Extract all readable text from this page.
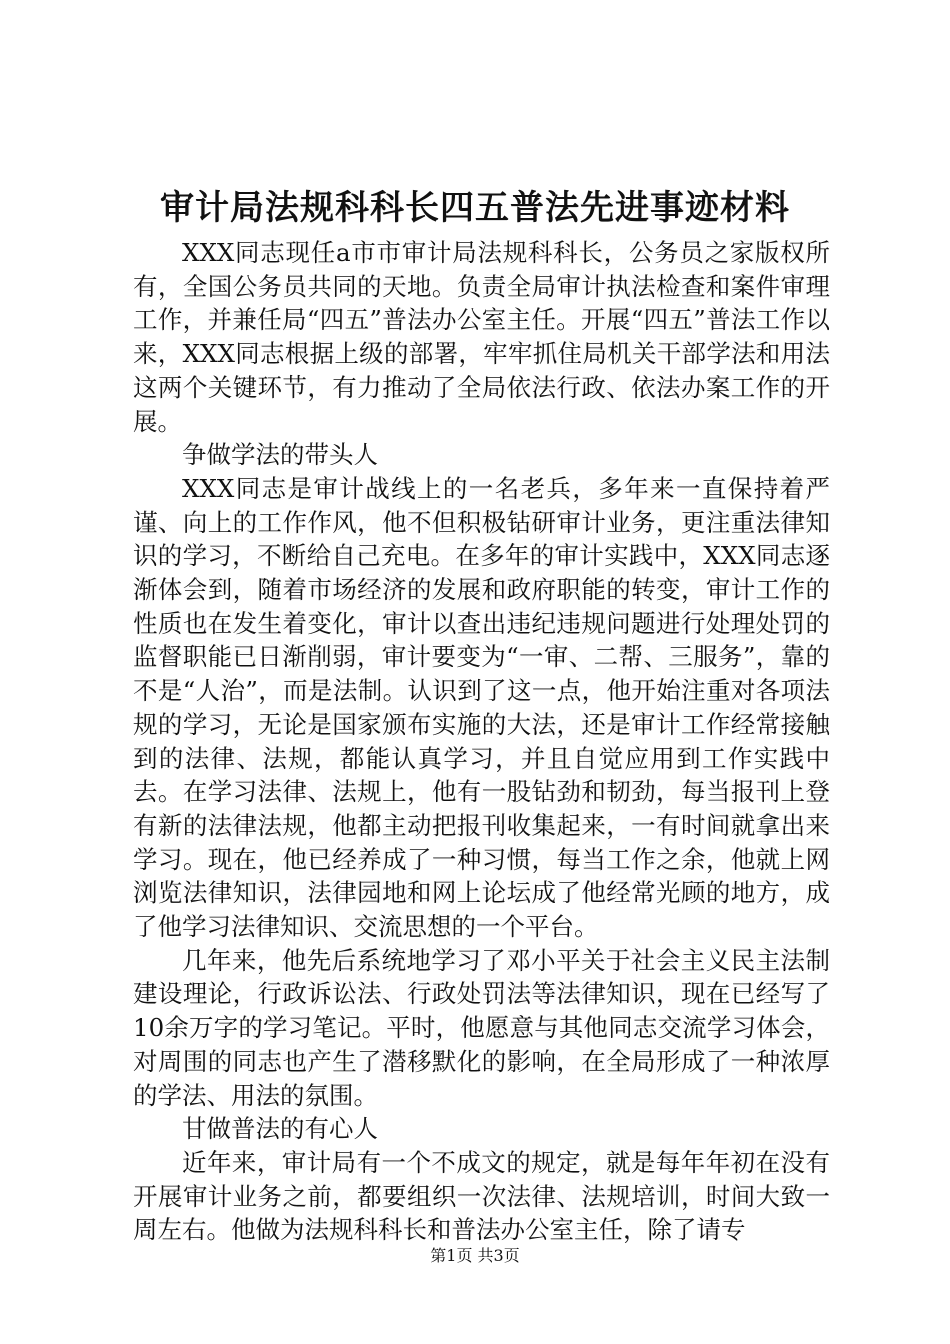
审计局法规科科长四五普法先进事迹材料

XXX同志现任a市市审计局法规科科长，公务员之家版权所有，全国公务员共同的天地。负责全局审计执法检查和案件审理工作，并兼任局“四五”普法办公室主任。开展“四五”普法工作以来，XXX同志根据上级的部署，牢牢抓住局机关干部学法和用法这两个关键环节，有力推动了全局依法行政、依法办案工作的开展。

争做学法的带头人

XXX同志是审计战线上的一名老兵，多年来一直保持着严谨、向上的工作作风，他不但积极钻研审计业务，更注重法律知识的学习，不断给自己充电。在多年的审计实践中，XXX同志逐渐体会到，随着市场经济的发展和政府职能的转变，审计工作的性质也在发生着变化，审计以查出违纪违规问题进行处理处罚的监督职能已日渐削弱，审计要变为“一审、二帮、三服务”，靠的不是“人治”，而是法制。认识到了这一点，他开始注重对各项法规的学习，无论是国家颁布实施的大法，还是审计工作经常接触到的法律、法规，都能认真学习，并且自觉应用到工作实践中去。在学习法律、法规上，他有一股钻劲和韧劲，每当报刊上登有新的法律法规，他都主动把报刊收集起来，一有时间就拿出来学习。现在，他已经养成了一种习惯，每当工作之余，他就上网浏览法律知识，法律园地和网上论坛成了他经常光顾的地方，成了他学习法律知识、交流思想的一个平台。

几年来，他先后系统地学习了邓小平关于社会主义民主法制建设理论，行政诉讼法、行政处罚法等法律知识，现在已经写了10余万字的学习笔记。平时，他愿意与其他同志交流学习体会，对周围的同志也产生了潜移默化的影响，在全局形成了一种浓厚的学法、用法的氛围。

甘做普法的有心人

近年来，审计局有一个不成文的规定，就是每年年初在没有开展审计业务之前，都要组织一次法律、法规培训，时间大致一周左右。他做为法规科科长和普法办公室主任，除了请专

第1页 共3页
